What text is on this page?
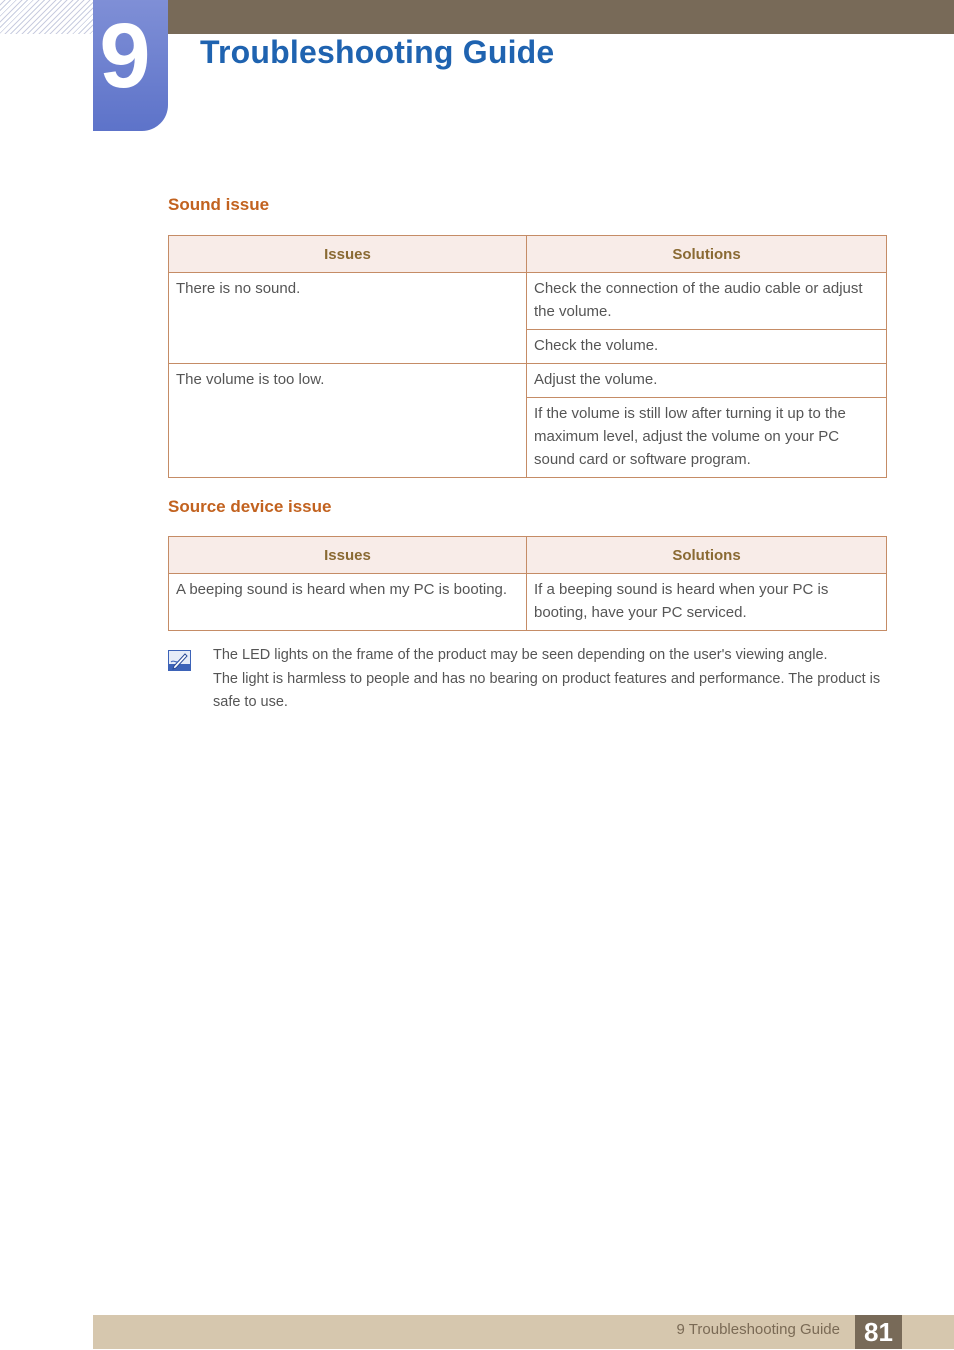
9 Troubleshooting Guide
Sound issue
Issues	Solutions
There is no sound.	Check the connection of the audio cable or adjust the volume.
	Check the volume.
The volume is too low.	Adjust the volume.
	If the volume is still low after turning it up to the maximum level, adjust the volume on your PC sound card or software program.
Source device issue
Issues	Solutions
A beeping sound is heard when my PC is booting.	If a beeping sound is heard when your PC is booting, have your PC serviced.

The LED lights on the frame of the product may be seen depending on the user's viewing angle.

The light is harmless to people and has no bearing on product features and performance. The product is safe to use.

9 Troubleshooting Guide 81
